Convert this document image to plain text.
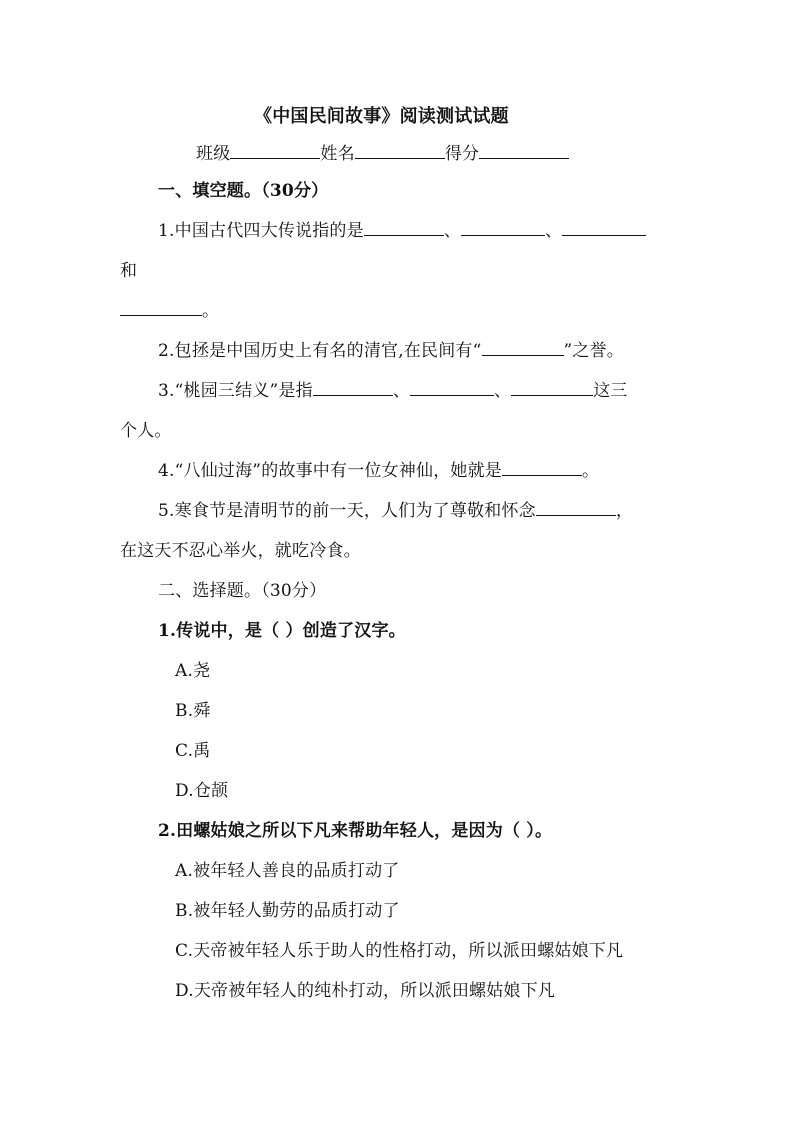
《中国民间故事》阅读测试试题
班级	姓名	得分
一、填空题。（30分）
1.中国古代四大传说指的是	、	、
和
。
2.包拯是中国历史上有名的清官,在民间有“	”之誉。
3.“桃园三结义”是指	、	、	这三
个人。
4.“八仙过海”的故事中有一位女神仙，她就是	。
5.寒食节是清明节的前一天，人们为了尊敬和怀念	，
在这天不忍心举火，就吃冷食。
二、选择题。（30分）
1.传说中，是（ ）创造了汉字。
A.尧
B.舜
C.禹
D.仓颉
2.田螺姑娘之所以下凡来帮助年轻人，是因为（ ）。
A.被年轻人善良的品质打动了
B.被年轻人勤劳的品质打动了
C.天帝被年轻人乐于助人的性格打动，所以派田螺姑娘下凡
D.天帝被年轻人的纯朴打动，所以派田螺姑娘下凡
